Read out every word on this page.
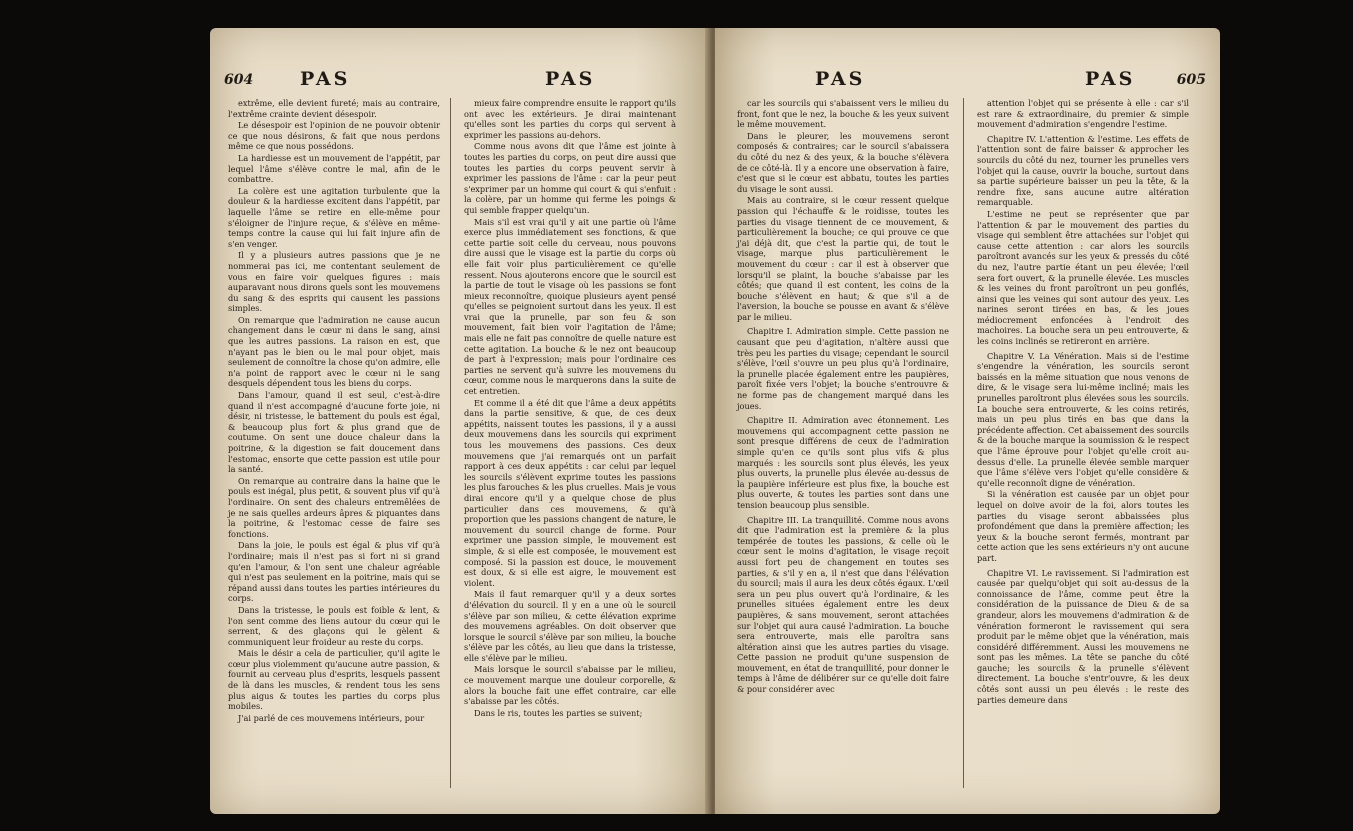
604 PAS	PAS

extrême, elle devient fureté; mais au contraire, l'extrême crainte devient désespoir.

Le désespoir est l'opinion de ne pouvoir obtenir ce que nous désirons, & fait que nous perdons même ce que nous possédons.

La hardiesse est un mouvement de l'appétit, par lequel l'âme s'élève contre le mal, afin de le combattre.

La colère est une agitation turbulente que la douleur & la hardiesse excitent dans l'appétit, par laquelle l'âme se retire en elle-même pour s'éloigner de l'injure reçue, & s'élève en même-temps contre la cause qui lui fait injure afin de s'en venger.

Il y a plusieurs autres passions que je ne nommerai pas ici, me contentant seulement de vous en faire voir quelques figures : mais auparavant nous dirons quels sont les mouvemens du sang & des esprits qui causent les passions simples.

On remarque que l'admiration ne cause aucun changement dans le cœur ni dans le sang, ainsi que les autres passions. La raison en est, que n'ayant pas le bien ou le mal pour objet, mais seulement de connoître la chose qu'on admire, elle n'a point de rapport avec le cœur ni le sang desquels dépendent tous les biens du corps.

Dans l'amour, quand il est seul, c'est-à-dire quand il n'est accompagné d'aucune forte joie, ni désir, ni tristesse, le battement du pouls est égal, & beaucoup plus fort & plus grand que de coutume. On sent une douce chaleur dans la poitrine, & la digestion se fait doucement dans l'estomac, ensorte que cette passion est utile pour la santé.

On remarque au contraire dans la haine que le pouls est inégal, plus petit, & souvent plus vif qu'à l'ordinaire. On sent des chaleurs entremêlées de je ne sais quelles ardeurs âpres & piquantes dans la poitrine, & l'estomac cesse de faire ses fonctions.

Dans la joie, le pouls est égal & plus vif qu'à l'ordinaire; mais il n'est pas si fort ni si grand qu'en l'amour, & l'on sent une chaleur agréable qui n'est pas seulement en la poitrine, mais qui se répand aussi dans toutes les parties intérieures du corps.

Dans la tristesse, le pouls est foible & lent, & l'on sent comme des liens autour du cœur qui le serrent, & des glaçons qui le gèlent & communiquent leur froideur au reste du corps.

Mais le désir a cela de particulier, qu'il agite le cœur plus violemment qu'aucune autre passion, & fournit au cerveau plus d'esprits, lesquels passent de là dans les muscles, & rendent tous les sens plus aigus & toutes les parties du corps plus mobiles.

J'ai parlé de ces mouvemens intérieurs, pour

mieux faire comprendre ensuite le rapport qu'ils ont avec les extérieurs. Je dirai maintenant qu'elles sont les parties du corps qui servent à exprimer les passions au-dehors.

Comme nous avons dit que l'âme est jointe à toutes les parties du corps, on peut dire aussi que toutes les parties du corps peuvent servir à exprimer les passions de l'âme : car la peur peut s'exprimer par un homme qui court & qui s'enfuit : la colère, par un homme qui ferme les poings & qui semble frapper quelqu'un.

Mais s'il est vrai qu'il y ait une partie où l'âme exerce plus immédiatement ses fonctions, & que cette partie soit celle du cerveau, nous pouvons dire aussi que le visage est la partie du corps où elle fait voir plus particulièrement ce qu'elle ressent. Nous ajouterons encore que le sourcil est la partie de tout le visage où les passions se font mieux reconnoître, quoique plusieurs ayent pensé qu'elles se peignoient surtout dans les yeux. Il est vrai que la prunelle, par son feu & son mouvement, fait bien voir l'agitation de l'âme; mais elle ne fait pas connoître de quelle nature est cette agitation. La bouche & le nez ont beaucoup de part à l'expression; mais pour l'ordinaire ces parties ne servent qu'à suivre les mouvemens du cœur, comme nous le marquerons dans la suite de cet entretien.

Et comme il a été dit que l'âme a deux appétits dans la partie sensitive, & que, de ces deux appétits, naissent toutes les passions, il y a aussi deux mouvemens dans les sourcils qui expriment tous les mouvemens des passions. Ces deux mouvemens que j'ai remarqués ont un parfait rapport à ces deux appétits : car celui par lequel les sourcils s'élèvent exprime toutes les passions les plus farouches & les plus cruelles. Mais je vous dirai encore qu'il y a quelque chose de plus particulier dans ces mouvemens, & qu'à proportion que les passions changent de nature, le mouvement du sourcil change de forme. Pour exprimer une passion simple, le mouvement est simple, & si elle est composée, le mouvement est composé. Si la passion est douce, le mouvement est doux, & si elle est aigre, le mouvement est violent.

Mais il faut remarquer qu'il y a deux sortes d'élévation du sourcil. Il y en a une où le sourcil s'élève par son milieu, & cette élévation exprime des mouvemens agréables. On doit observer que lorsque le sourcil s'élève par son milieu, la bouche s'élève par les côtés, au lieu que dans la tristesse, elle s'élève par le milieu.

Mais lorsque le sourcil s'abaisse par le milieu, ce mouvement marque une douleur corporelle, & alors la bouche fait une effet contraire, car elle s'abaisse par les côtés.

Dans le ris, toutes les parties se suivent;

PAS	PAS	605

car les sourcils qui s'abaissent vers le milieu du front, font que le nez, la bouche & les yeux suivent le même mouvement.

Dans le pleurer, les mouvemens seront composés & contraires; car le sourcil s'abaissera du côté du nez & des yeux, & la bouche s'élèvera de ce côté-là. Il y a encore une observation à faire, c'est que si le cœur est abbatu, toutes les parties du visage le sont aussi.

Mais au contraire, si le cœur ressent quelque passion qui l'échauffe & le roidisse, toutes les parties du visage tiennent de ce mouvement, & particulièrement la bouche; ce qui prouve ce que j'ai déjà dit, que c'est la partie qui, de tout le visage, marque plus particulièrement le mouvement du cœur : car il est à observer que lorsqu'il se plaint, la bouche s'abaisse par les côtés; que quand il est content, les coins de la bouche s'élèvent en haut; & que s'il a de l'aversion, la bouche se pousse en avant & s'élève par le milieu.

Chapitre I. Admiration simple. Cette passion ne causant que peu d'agitation, n'altère aussi que très peu les parties du visage; cependant le sourcil s'élève, l'œil s'ouvre un peu plus qu'à l'ordinaire, la prunelle placée également entre les paupières, paroît fixée vers l'objet; la bouche s'entrouvre & ne forme pas de changement marqué dans les joues.

Chapitre II. Admiration avec étonnement. Les mouvemens qui accompagnent cette passion ne sont presque différens de ceux de l'admiration simple qu'en ce qu'ils sont plus vifs & plus marqués : les sourcils sont plus élevés, les yeux plus ouverts, la prunelle plus élevée au-dessus de la paupière inférieure est plus fixe, la bouche est plus ouverte, & toutes les parties sont dans une tension beaucoup plus sensible.

Chapitre III. La tranquillité. Comme nous avons dit que l'admiration est la première & la plus tempérée de toutes les passions, & celle où le cœur sent le moins d'agitation, le visage reçoit aussi fort peu de changement en toutes ses parties, & s'il y en a, il n'est que dans l'élévation du sourcil; mais il aura les deux côtés égaux. L'œil sera un peu plus ouvert qu'à l'ordinaire, & les prunelles situées également entre les deux paupières, & sans mouvement, seront attachées sur l'objet qui aura causé l'admiration. La bouche sera entrouverte, mais elle paroîtra sans altération ainsi que les autres parties du visage. Cette passion ne produit qu'une suspension de mouvement, en état de tranquillité, pour donner le temps à l'âme de délibérer sur ce qu'elle doit faire & pour considérer avec

attention l'objet qui se présente à elle : car s'il est rare & extraordinaire, du premier & simple mouvement d'admiration s'engendre l'estime.

Chapitre IV. L'attention & l'estime. Les effets de l'attention sont de faire baisser & approcher les sourcils du côté du nez, tourner les prunelles vers l'objet qui la cause, ouvrir la bouche, surtout dans sa partie supérieure baisser un peu la tête, & la rendre fixe, sans aucune autre altération remarquable.

L'estime ne peut se représenter que par l'attention & par le mouvement des parties du visage qui semblent être attachées sur l'objet qui cause cette attention : car alors les sourcils paroîtront avancés sur les yeux & pressés du côté du nez, l'autre partie étant un peu élevée; l'œil sera fort ouvert, & la prunelle élevée. Les muscles & les veines du front paroîtront un peu gonflés, ainsi que les veines qui sont autour des yeux. Les narines seront tirées en bas, & les joues médiocrement enfoncées à l'endroit des machoires. La bouche sera un peu entrouverte, & les coins inclinés se retireront en arrière.

Chapitre V. La Vénération. Mais si de l'estime s'engendre la vénération, les sourcils seront baissés en la même situation que nous venons de dire, & le visage sera lui-même incliné; mais les prunelles paroîtront plus élevées sous les sourcils. La bouche sera entrouverte, & les coins retirés, mais un peu plus tirés en bas que dans la précédente affection. Cet abaissement des sourcils & de la bouche marque la soumission & le respect que l'âme éprouve pour l'objet qu'elle croit au-dessus d'elle. La prunelle élevée semble marquer que l'âme s'élève vers l'objet qu'elle considère & qu'elle reconnoît digne de vénération.

Si la vénération est causée par un objet pour lequel on doive avoir de la foi, alors toutes les parties du visage seront abbaissées plus profondément que dans la première affection; les yeux & la bouche seront fermés, montrant par cette action que les sens extérieurs n'y ont aucune part.

Chapitre VI. Le ravissement. Si l'admiration est causée par quelqu'objet qui soit au-dessus de la connoissance de l'âme, comme peut être la considération de la puissance de Dieu & de sa grandeur, alors les mouvemens d'admiration & de vénération formeront le ravissement qui sera produit par le même objet que la vénération, mais considéré différemment. Aussi les mouvemens ne sont pas les mêmes. La tête se panche du côté gauche; les sourcils & la prunelle s'élèvent directement. La bouche s'entr'ouvre, & les deux côtés sont aussi un peu élevés : le reste des parties demeure dans
